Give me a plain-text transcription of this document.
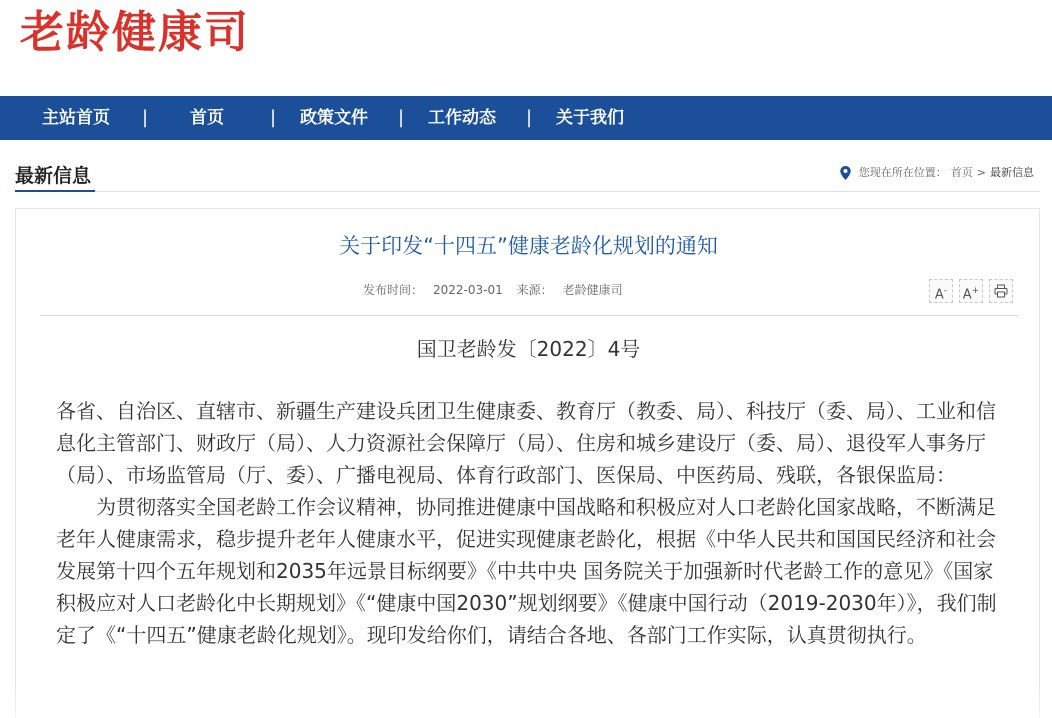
老龄健康司
主站首页 | 首页	| 政策文件 | 工作动态 | 关于我们
最新信息	您现在所在位置： 首页 > 最新信息
关于印发“十四五”健康老龄化规划的通知
发布时间： 2022-03-01 来源： 老龄健康司	A-	A+
国卫老龄发〔2022〕4号

各省、自治区、直辖市、新疆生产建设兵团卫生健康委、教育厅（教委、局）、科技厅（委、局）、工业和信息化主管部门、财政厅（局）、人力资源社会保障厅（局）、住房和城乡建设厅（委、局）、退役军人事务厅（局）、市场监管局（厅、委）、广播电视局、体育行政部门、医保局、中医药局、残联，各银保监局：

为贯彻落实全国老龄工作会议精神，协同推进健康中国战略和积极应对人口老龄化国家战略，不断满足老年人健康需求，稳步提升老年人健康水平，促进实现健康老龄化，根据《中华人民共和国国民经济和社会发展第十四个五年规划和2035年远景目标纲要》《中共中央 国务院关于加强新时代老龄工作的意见》《国家积极应对人口老龄化中长期规划》《“健康中国2030”规划纲要》《健康中国行动（2019-2030年）》，我们制定了《“十四五”健康老龄化规划》。现印发给你们，请结合各地、各部门工作实际，认真贯彻执行。
